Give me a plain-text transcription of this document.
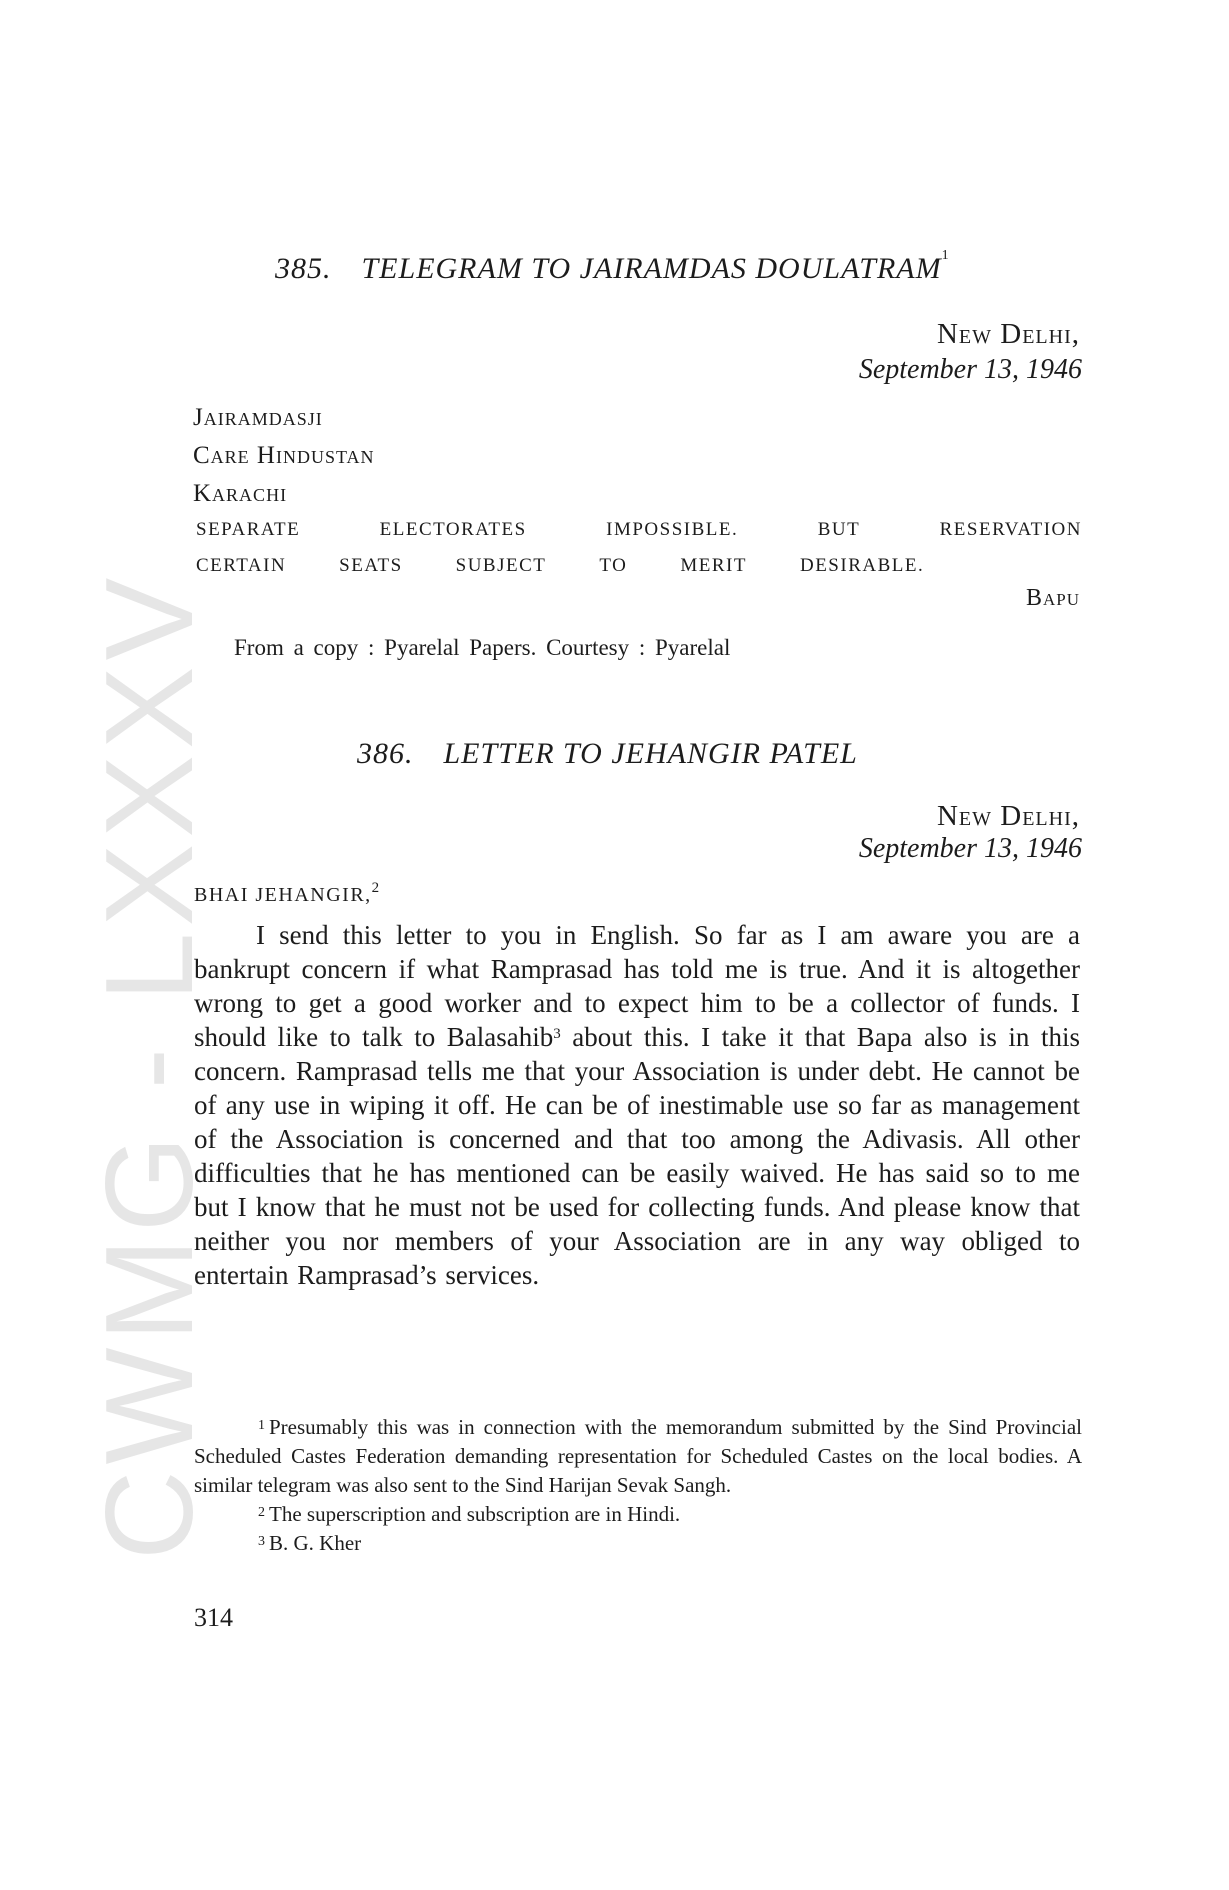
CWMG - LXXXV
385. TELEGRAM TO JAIRAMDAS DOULATRAM$^1$
New Delhi,
September 13, 1946
Jairamdasji
Care Hindustan
Karachi
SEPARATE	ELECTORATES	IMPOSSIBLE.	BUT	RESERVATION
CERTAIN	SEATS	SUBJECT	TO	MERIT	DESIRABLE.
Bapu
From a copy : Pyarelal Papers. Courtesy : Pyarelal
386. LETTER TO JEHANGIR PATEL
New Delhi,
September 13, 1946
BHAI JEHANGIR,$^2$
I send this letter to you in English. So far as I am aware you are a bankrupt concern if what Ramprasad has told me is true. And it is altogether wrong to get a good worker and to expect him to be a collector of funds. I should like to talk to Balasahib$^3$ about this. I take it that Bapa also is in this concern. Ramprasad tells me that your Association is under debt. He cannot be of any use in wiping it off. He can be of inestimable use so far as management of the Association is concerned and that too among the Adivasis. All other difficulties that he has mentioned can be easily waived. He has said so to me but I know that he must not be used for collecting funds. And please know that neither you nor members of your Association are in any way obliged to entertain Ramprasad’s services.
$^1$ Presumably this was in connection with the memorandum submitted by the Sind Provincial Scheduled Castes Federation demanding representation for Scheduled Castes on the local bodies. A similar telegram was also sent to the Sind Harijan Sevak Sangh.
$^2$ The superscription and subscription are in Hindi.
$^3$ B. G. Kher
314
